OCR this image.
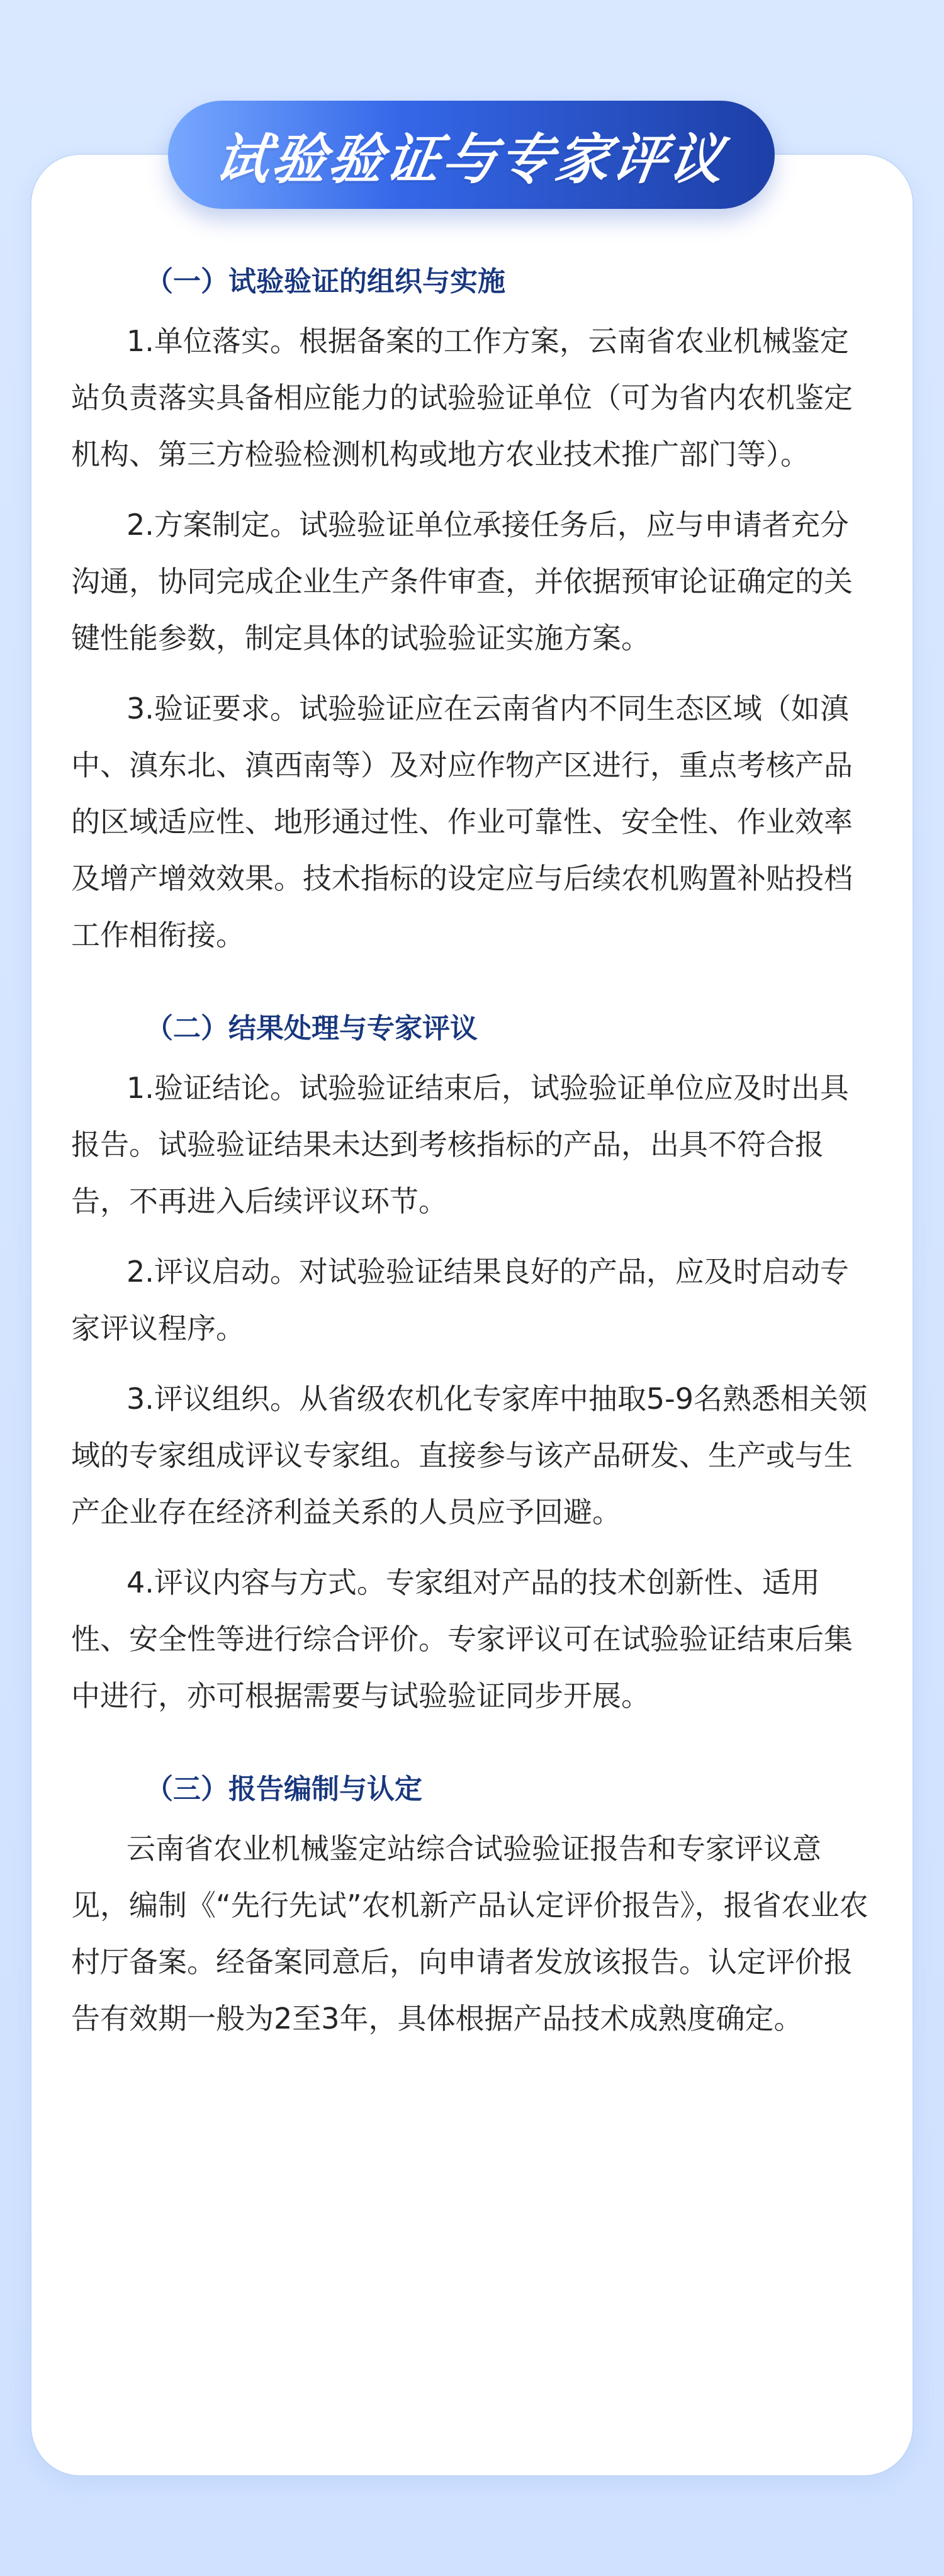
试验验证与专家评议

（一）试验验证的组织与实施

1.单位落实。根据备案的工作方案，云南省农业机械鉴定站负责落实具备相应能力的试验验证单位（可为省内农机鉴定机构、第三方检验检测机构或地方农业技术推广部门等）。

2.方案制定。试验验证单位承接任务后，应与申请者充分沟通，协同完成企业生产条件审查，并依据预审论证确定的关键性能参数，制定具体的试验验证实施方案。

3.验证要求。试验验证应在云南省内不同生态区域（如滇中、滇东北、滇西南等）及对应作物产区进行，重点考核产品的区域适应性、地形通过性、作业可靠性、安全性、作业效率及增产增效效果。技术指标的设定应与后续农机购置补贴投档工作相衔接。

（二）结果处理与专家评议

1.验证结论。试验验证结束后，试验验证单位应及时出具报告。试验验证结果未达到考核指标的产品，出具不符合报告，不再进入后续评议环节。

2.评议启动。对试验验证结果良好的产品，应及时启动专家评议程序。

3.评议组织。从省级农机化专家库中抽取5-9名熟悉相关领域的专家组成评议专家组。直接参与该产品研发、生产或与生产企业存在经济利益关系的人员应予回避。

4.评议内容与方式。专家组对产品的技术创新性、适用性、安全性等进行综合评价。专家评议可在试验验证结束后集中进行，亦可根据需要与试验验证同步开展。

（三）报告编制与认定

云南省农业机械鉴定站综合试验验证报告和专家评议意见，编制《“先行先试”农机新产品认定评价报告》，报省农业农村厅备案。经备案同意后，向申请者发放该报告。认定评价报告有效期一般为2至3年，具体根据产品技术成熟度确定。
